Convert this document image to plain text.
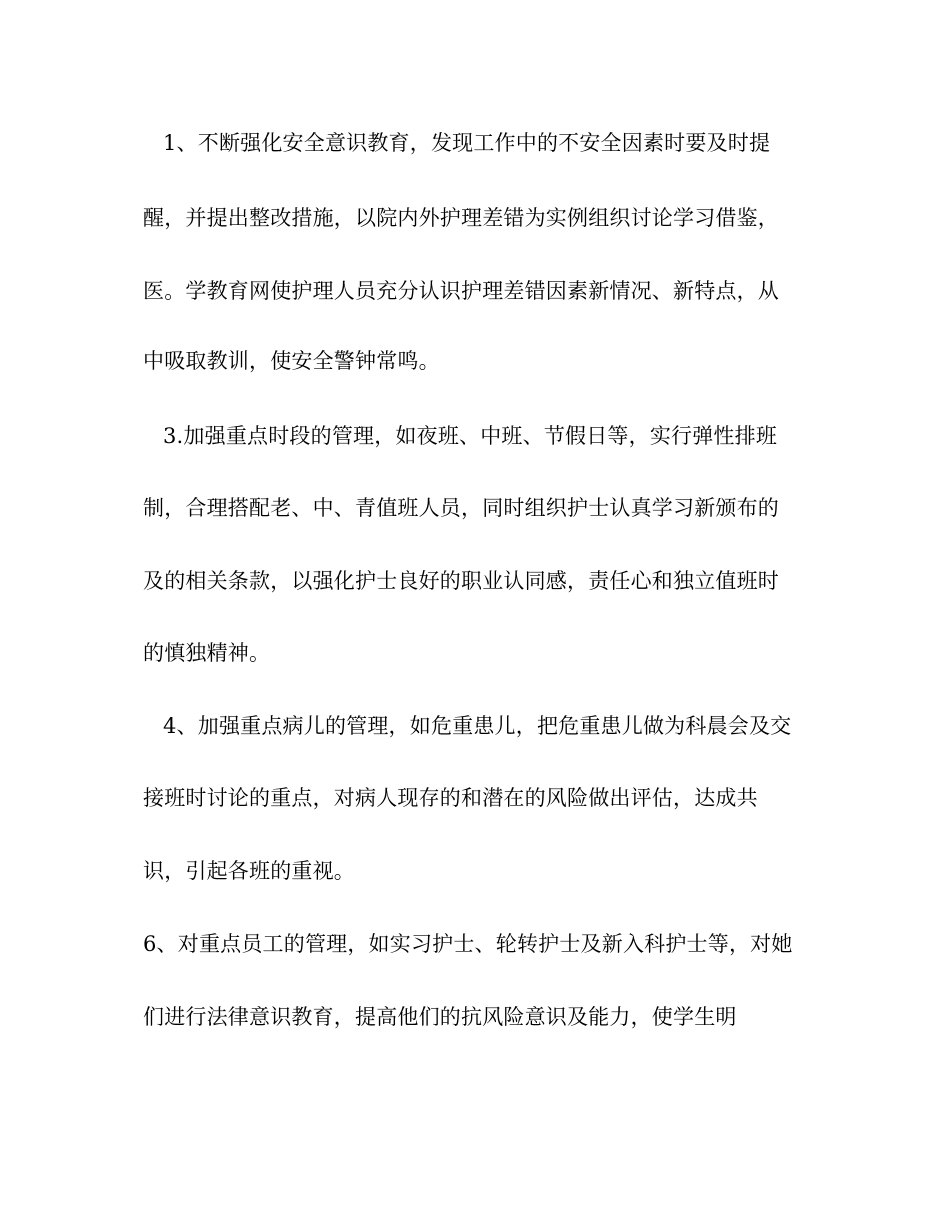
1、不断强化安全意识教育，发现工作中的不安全因素时要及时提
醒，并提出整改措施，以院内外护理差错为实例组织讨论学习借鉴，
医。学教育网使护理人员充分认识护理差错因素新情况、新特点，从
中吸取教训，使安全警钟常鸣。
3.加强重点时段的管理，如夜班、中班、节假日等，实行弹性排班
制，合理搭配老、中、青值班人员，同时组织护士认真学习新颁布的
及的相关条款，以强化护士良好的职业认同感，责任心和独立值班时
的慎独精神。
4、加强重点病儿的管理，如危重患儿，把危重患儿做为科晨会及交
接班时讨论的重点，对病人现存的和潜在的风险做出评估，达成共
识，引起各班的重视。
6、对重点员工的管理，如实习护士、轮转护士及新入科护士等，对她
们进行法律意识教育，提高他们的抗风险意识及能力，使学生明
